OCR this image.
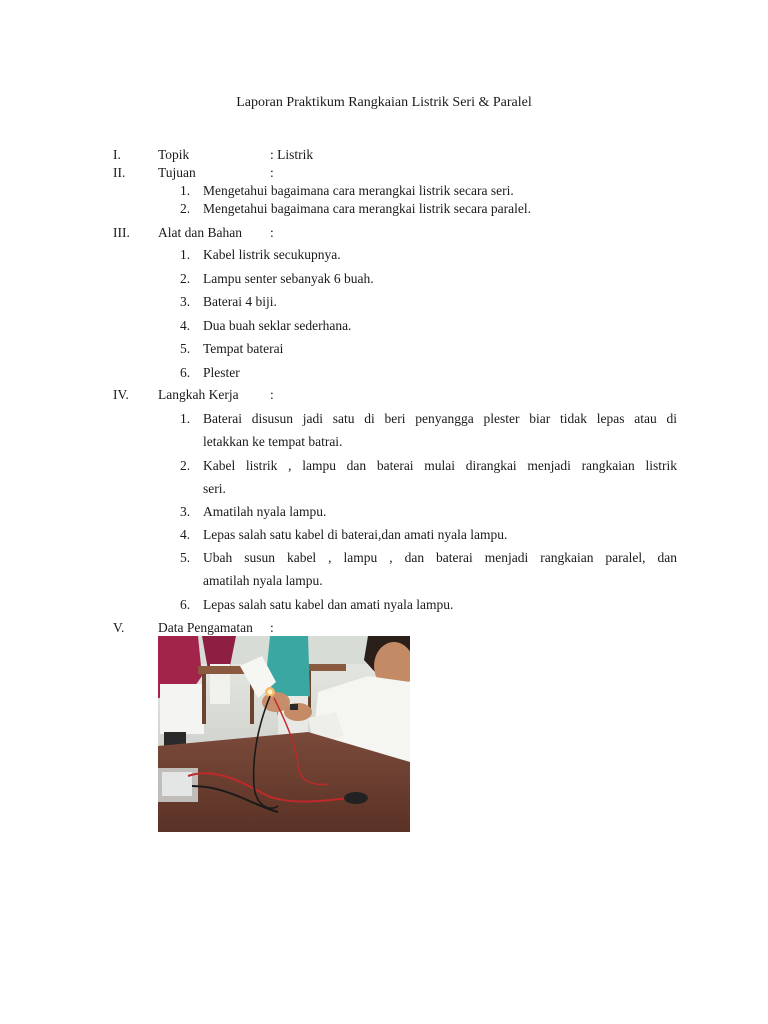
Laporan Praktikum Rangkaian Listrik Seri & Paralel
I.	Topik	: Listrik
II. Tujuan	:
1. Mengetahui bagaimana cara merangkai listrik secara seri.
2. Mengetahui bagaimana cara merangkai listrik secara paralel.
III. Alat dan Bahan :
1. Kabel listrik secukupnya.
2. Lampu senter sebanyak 6 buah.
3. Baterai 4 biji.
4. Dua buah seklar sederhana.
5. Tempat baterai
6. Plester
IV. Langkah Kerja :
1. Baterai disusun jadi satu di beri penyangga plester biar tidak lepas atau di
letakkan ke tempat batrai.
2. Kabel listrik , lampu dan baterai mulai dirangkai menjadi rangkaian listrik
seri.
3. Amatilah nyala lampu.
4. Lepas salah satu kabel di baterai,dan amati nyala lampu.
5. Ubah susun kabel , lampu , dan baterai menjadi rangkaian paralel, dan
amatilah nyala lampu.
6. Lepas salah satu kabel dan amati nyala lampu.
V. Data Pengamatan :
